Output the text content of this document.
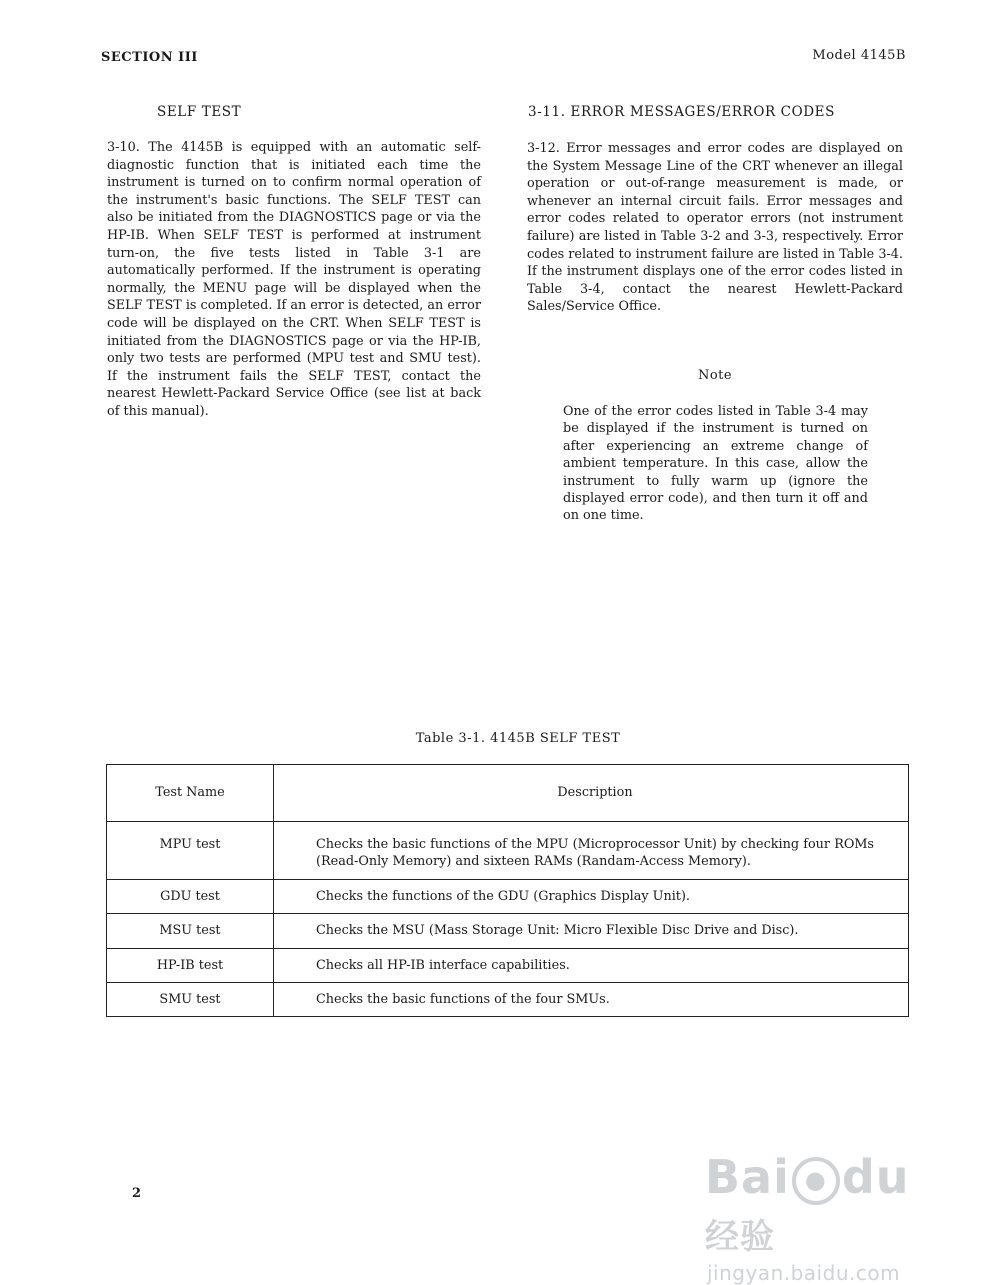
SECTION III	Model 4145B
SELF TEST
3-10. The 4145B is equipped with an automatic self-diagnostic function that is initiated each time the instrument is turned on to confirm normal operation of the instrument's basic functions. The SELF TEST can also be initiated from the DIAGNOSTICS page or via the HP-IB. When SELF TEST is performed at instrument turn-on, the five tests listed in Table 3-1 are automatically performed. If the instrument is operating normally, the MENU page will be displayed when the SELF TEST is completed. If an error is detected, an error code will be displayed on the CRT. When SELF TEST is initiated from the DIAGNOSTICS page or via the HP-IB, only two tests are performed (MPU test and SMU test). If the instrument fails the SELF TEST, contact the nearest Hewlett-Packard Service Office (see list at back of this manual).
3-11. ERROR MESSAGES/ERROR CODES
3-12. Error messages and error codes are displayed on the System Message Line of the CRT whenever an illegal operation or out-of-range measurement is made, or whenever an internal circuit fails. Error messages and error codes related to operator errors (not instrument failure) are listed in Table 3-2 and 3-3, respectively. Error codes related to instrument failure are listed in Table 3-4. If the instrument displays one of the error codes listed in Table 3-4, contact the nearest Hewlett-Packard Sales/Service Office.
Note
One of the error codes listed in Table 3-4 may be displayed if the instrument is turned on after experiencing an extreme change of ambient temperature. In this case, allow the instrument to fully warm up (ignore the displayed error code), and then turn it off and on one time.
Table 3-1. 4145B SELF TEST
Test Name	Description
MPU test	Checks the basic functions of the MPU (Microprocessor Unit) by checking four ROMs (Read-Only Memory) and sixteen RAMs (Randam-Access Memory).
GDU test	Checks the functions of the GDU (Graphics Display Unit).
MSU test	Checks the MSU (Mass Storage Unit: Micro Flexible Disc Drive and Disc).
HP-IB test	Checks all HP-IB interface capabilities.
SMU test	Checks the basic functions of the four SMUs.
2	Bai ● du经验
jingyan.baidu.com
